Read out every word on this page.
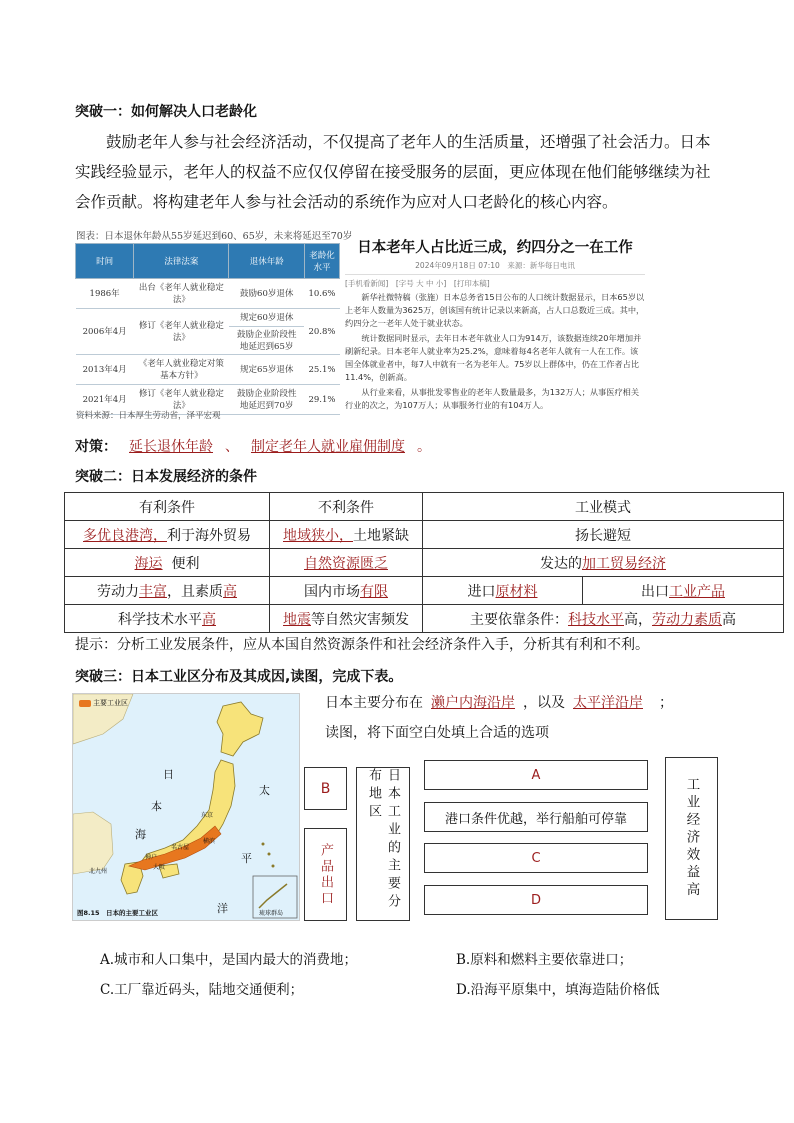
突破一：如何解决人口老龄化
鼓励老年人参与社会经济活动，不仅提高了老年人的生活质量，还增强了社会活力。日本实践经验显示，老年人的权益不应仅仅停留在接受服务的层面，更应体现在他们能够继续为社会作贡献。将构建老年人参与社会活动的系统作为应对人口老龄化的核心内容。
图表：日本退休年龄从55岁延迟到60、65岁，未来将延迟至70岁
时间	法律法案	退休年龄	老龄化水平
1986年	出台《老年人就业稳定法》	鼓励60岁退休	10.6%
2006年4月	修订《老年人就业稳定法》	规定60岁退休	20.8%
		鼓励企业阶段性地延迟到65岁	
2013年4月	《老年人就业稳定对策基本方针》	规定65岁退休	25.1%
2021年4月	修订《老年人就业稳定法》	鼓励企业阶段性地延迟到70岁	29.1%
资料来源：日本厚生劳动省，泽平宏观
日本老年人占比近三成，约四分之一在工作
2024年09月18日 07:10　来源：新华每日电讯
[手机看新闻]　[字号 大 中 小]　[打印本稿]
新华社微特稿（张施）日本总务省15日公布的人口统计数据显示，日本65岁以上老年人数量为3625万，创该国有统计记录以来新高，占人口总数近三成。其中，约四分之一老年人处于就业状态。
统计数据同时显示，去年日本老年就业人口为914万，该数据连续20年增加并刷新纪录。日本老年人就业率为25.2%，意味着每4名老年人就有一人在工作。该国全体就业者中，每7人中就有一名为老年人。75岁以上群体中，仍在工作者占比11.4%，创新高。
从行业来看，从事批发零售业的老年人数量最多，为132万人；从事医疗相关行业的次之，为107万人；从事服务行业的有104万人。
对策： 延长退休年龄 、 制定老年人就业雇佣制度 。
突破二：日本发展经济的条件
有利条件	不利条件	工业模式	
多优良港湾，利于海外贸易	地域狭小，土地紧缺	扬长避短	
海运 便利	自然资源匮乏	发达的加工贸易经济	
劳动力丰富，且素质高	国内市场有限	进口原材料	出口工业产品
科学技术水平高	地震等自然灾害频发	主要依靠条件：科技水平高，劳动力素质高	
提示：分析工业发展条件，应从本国自然资源条件和社会经济条件入手，分析其有利和不利。
突破三：日本工业区分布及其成因,读图，完成下表。
主要工业区
日
本
海
太
平
洋
东京
横滨
名古屋
神户
大阪
北九州
图8.15　日本的主要工业区	琉球群岛
日本主要分布在 濑户内海沿岸 ，以及 太平洋沿岸 ；
读图，将下面空白处填上合适的选项
B
产品出口	日本工业的主要分布地区	A
港口条件优越，举行船舶可停靠
C
D
工业经济效益高
A.城市和人口集中，是国内最大的消费地；	B.原料和燃料主要依靠进口；
C.工厂靠近码头，陆地交通便利；	D.沿海平原集中，填海造陆价格低
